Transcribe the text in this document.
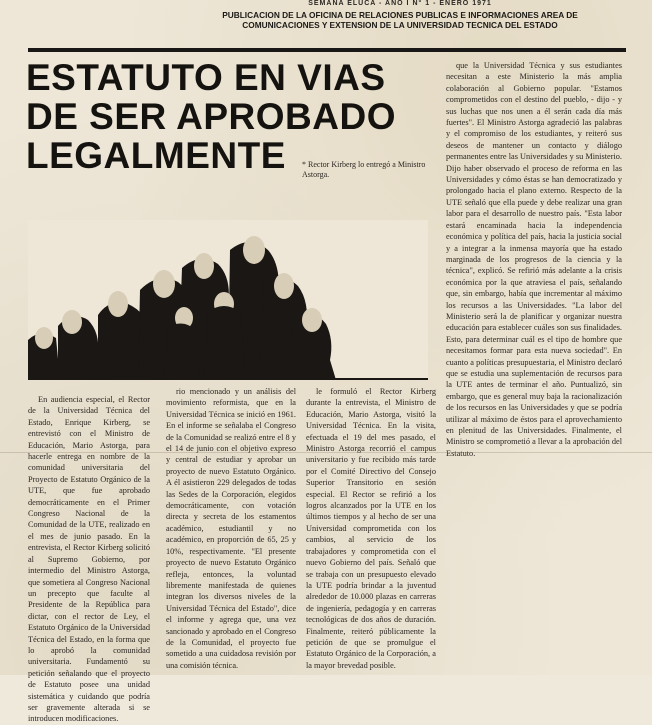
SEMANA ELUCA - AÑO I N° 1 - ENERO 1971
PUBLICACION DE LA OFICINA DE RELACIONES PUBLICAS E INFORMACIONES AREA DE COMUNICACIONES Y EXTENSION DE LA UNIVERSIDAD TECNICA DEL ESTADO
ESTATUTO EN VIAS DE SER APROBADO LEGALMENTE	* Rector Kirberg lo entregó a Ministro Astorga.

que la Universidad Técnica y sus estudiantes necesitan a este Ministerio la más amplia colaboración al Gobierno popular. "Estamos comprometidos con el destino del pueblo, - dijo - y sus luchas que nos unen a él serán cada día más fuertes". El Ministro Astorga agradeció las palabras y el compromiso de los estudiantes, y reiteró sus deseos de mantener un contacto y diálogo permanentes entre las Universidades y su Ministerio. Dijo haber observado el proceso de reforma en las Universidades y cómo éstas se han democratizado y prolongado hacia el plano externo. Respecto de la UTE señaló que ella puede y debe realizar una gran labor para el desarrollo de nuestro país. "Esta labor estará encaminada hacia la independencia económica y política del país, hacia la justicia social y a integrar a la inmensa mayoría que ha estado marginada de los progresos de la ciencia y la técnica", explicó. Se refirió más adelante a la crisis económica por la que atraviesa el país, señalando que, sin embargo, había que incrementar al máximo los recursos a las Universidades. "La labor del Ministerio será la de planificar y organizar nuestra educación para establecer cuáles son sus finalidades. Esto, para determinar cuál es el tipo de hombre que necesitamos formar para esta nueva sociedad". En cuanto a políticas presupuestaria, el Ministro declaró que se estudia una suplementación de recursos para la UTE antes de terminar el año. Puntualizó, sin embargo, que es general muy baja la racionalización de los recursos en las Universidades y que se podría utilizar al máximo de éstos para el aprovechamiento en plenitud de las Universidades. Finalmente, el Ministro se comprometió a llevar a la aprobación del Estatuto.

En audiencia especial, el Rector de la Universidad Técnica del Estado, Enrique Kirberg, se entrevistó con el Ministro de Educación, Mario Astorga, para hacerle entrega en nombre de la comunidad universitaria del Proyecto de Estatuto Orgánico de la UTE, que fue aprobado democráticamente en el Primer Congreso Nacional de la Comunidad de la UTE, realizado en el mes de junio pasado. En la entrevista, el Rector Kirberg solicitó al Supremo Gobierno, por intermedio del Ministro Astorga, que sometiera al Congreso Nacional un precepto que faculte al Presidente de la República para dictar, con el rector de Ley, el Estatuto Orgánico de la Universidad Técnica del Estado, en la forma que lo aprobó la comunidad universitaria. Fundamentó su petición señalando que el proyecto de Estatuto posee una unidad sistemática y cuidando que podría ser gravemente alterada si se introducen modificaciones.

rio mencionado y un análisis del movimiento reformista, que en la Universidad Técnica se inició en 1961. En el informe se señalaba el Congreso de la Comunidad se realizó entre el 8 y el 14 de junio con el objetivo expreso y central de estudiar y aprobar un proyecto de nuevo Estatuto Orgánico. A él asistieron 229 delegados de todas las Sedes de la Corporación, elegidos democráticamente, con votación directa y secreta de los estamentos académico, estudiantil y no académico, en proporción de 65, 25 y 10%, respectivamente. "El presente proyecto de nuevo Estatuto Orgánico refleja, entonces, la voluntad libremente manifestada de quienes integran los diversos niveles de la Universidad Técnica del Estado", dice el informe y agrega que, una vez sancionado y aprobado en el Congreso de la Comunidad, el proyecto fue sometido a una cuidadosa revisión por una comisión técnica.

le formuló el Rector Kirberg durante la entrevista, el Ministro de Educación, Mario Astorga, visitó la Universidad Técnica. En la visita, efectuada el 19 del mes pasado, el Ministro Astorga recorrió el campus universitario y fue recibido más tarde por el Comité Directivo del Consejo Superior Transitorio en sesión especial. El Rector se refirió a los logros alcanzados por la UTE en los últimos tiempos y al hecho de ser una Universidad comprometida con los cambios, al servicio de los trabajadores y comprometida con el nuevo Gobierno del país. Señaló que se trabaja con un presupuesto elevado la UTE podría brindar a la juventud alrededor de 10.000 plazas en carreras de ingeniería, pedagogía y en carreras tecnológicas de dos años de duración. Finalmente, reiteró públicamente la petición de que se promulgue el Estatuto Orgánico de la Corporación, a la mayor brevedad posible.
